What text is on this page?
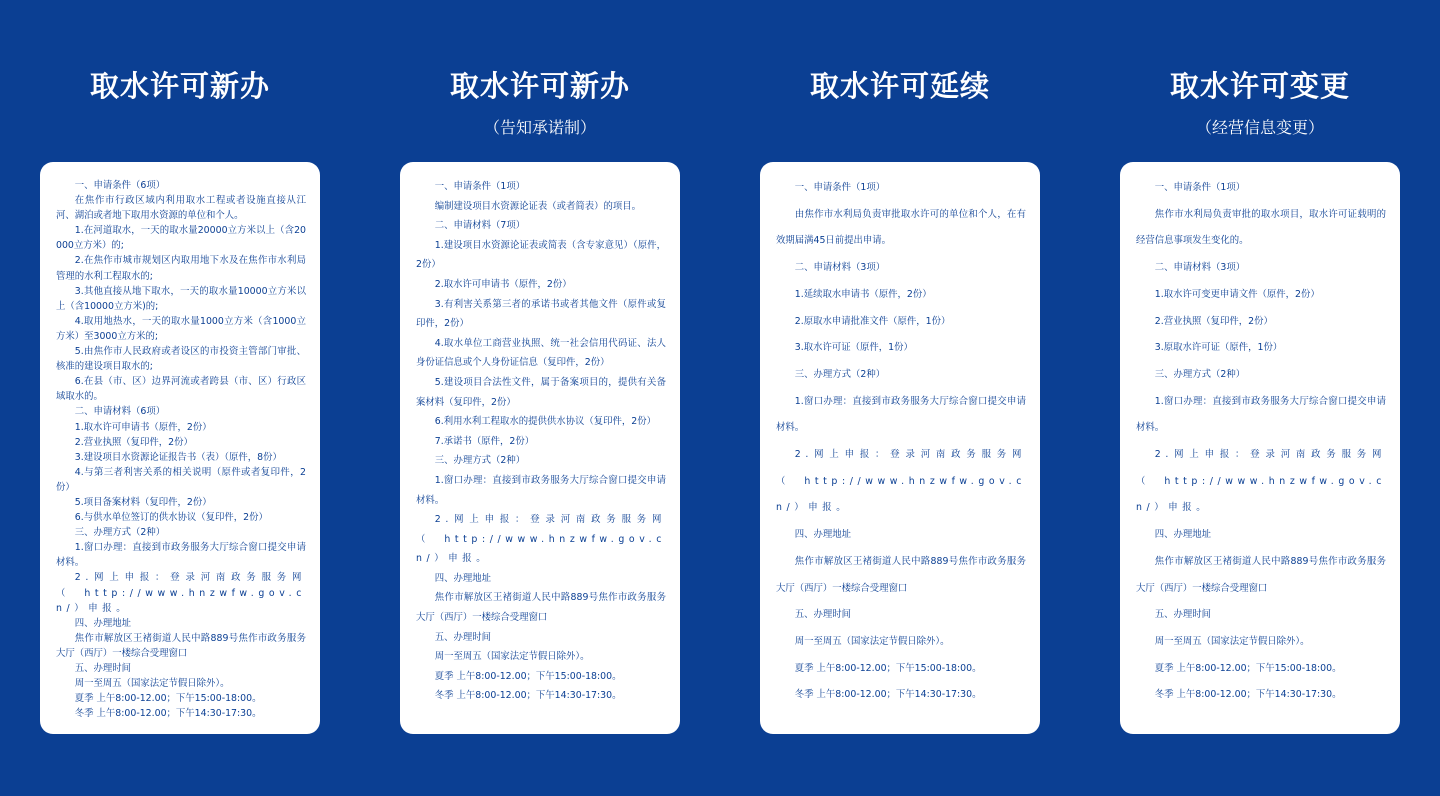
取水许可新办

一、申请条件（6项）

在焦作市行政区域内利用取水工程或者设施直接从江河、湖泊或者地下取用水资源的单位和个人。

1.在河道取水，一天的取水量20000立方米以上（含20000立方米）的;

2.在焦作市城市规划区内取用地下水及在焦作市水利局管理的水利工程取水的;

3.其他直接从地下取水，一天的取水量10000立方米以上（含10000立方米)的;

4.取用地热水，一天的取水量1000立方米（含1000立方米）至3000立方米的;

5.由焦作市人民政府或者设区的市投资主管部门审批、核准的建设项目取水的;

6.在县（市、区）边界河流或者跨县（市、区）行政区域取水的。

二、申请材料（6项）

1.取水许可申请书（原件，2份）

2.营业执照（复印件，2份）

3.建设项目水资源论证报告书（表）（原件，8份）

4.与第三者利害关系的相关说明（原件或者复印件，2份）

5.项目备案材料（复印件，2份）

6.与供水单位签订的供水协议（复印件，2份）

三、办理方式（2种）

1.窗口办理：直接到市政务服务大厅综合窗口提交申请材料。

2.网上申报：登录河南政务服务网（http://www.hnzwfw.gov.cn/）申报。

四、办理地址

焦作市解放区王褚街道人民中路889号焦作市政务服务大厅（西厅）一楼综合受理窗口

五、办理时间

周一至周五（国家法定节假日除外）。

夏季 上午8:00-12.00；下午15:00-18:00。

冬季 上午8:00-12.00；下午14:30-17:30。

取水许可新办
（告知承诺制）

一、申请条件（1项）

编制建设项目水资源论证表（或者简表）的项目。

二、申请材料（7项）

1.建设项目水资源论证表或简表（含专家意见）（原件，2份）

2.取水许可申请书（原件，2份）

3.有利害关系第三者的承诺书或者其他文件（原件或复印件，2份）

4.取水单位工商营业执照、统一社会信用代码证、法人身份证信息或个人身份证信息（复印件，2份）

5.建设项目合法性文件，属于备案项目的，提供有关备案材料（复印件，2份）

6.利用水利工程取水的提供供水协议（复印件，2份）

7.承诺书（原件，2份）

三、办理方式（2种）

1.窗口办理：直接到市政务服务大厅综合窗口提交申请材料。

2.网上申报：登录河南政务服务网（http://www.hnzwfw.gov.cn/）申报。

四、办理地址

焦作市解放区王褚街道人民中路889号焦作市政务服务大厅（西厅）一楼综合受理窗口

五、办理时间

周一至周五（国家法定节假日除外）。

夏季 上午8:00-12.00；下午15:00-18:00。

冬季 上午8:00-12.00；下午14:30-17:30。

取水许可延续

一、申请条件（1项）

由焦作市水利局负责审批取水许可的单位和个人，在有效期届满45日前提出申请。

二、申请材料（3项）

1.延续取水申请书（原件，2份）

2.原取水申请批准文件（原件，1份）

3.取水许可证（原件，1份）

三、办理方式（2种）

1.窗口办理：直接到市政务服务大厅综合窗口提交申请材料。

2.网上申报：登录河南政务服务网（http://www.hnzwfw.gov.cn/）申报。

四、办理地址

焦作市解放区王褚街道人民中路889号焦作市政务服务大厅（西厅）一楼综合受理窗口

五、办理时间

周一至周五（国家法定节假日除外）。

夏季 上午8:00-12.00；下午15:00-18:00。

冬季 上午8:00-12.00；下午14:30-17:30。

取水许可变更
（经营信息变更）

一、申请条件（1项）

焦作市水利局负责审批的取水项目，取水许可证载明的经营信息事项发生变化的。

二、申请材料（3项）

1.取水许可变更申请文件（原件，2份）

2.营业执照（复印件，2份）

3.原取水许可证（原件，1份）

三、办理方式（2种）

1.窗口办理：直接到市政务服务大厅综合窗口提交申请材料。

2.网上申报：登录河南政务服务网（http://www.hnzwfw.gov.cn/）申报。

四、办理地址

焦作市解放区王褚街道人民中路889号焦作市政务服务大厅（西厅）一楼综合受理窗口

五、办理时间

周一至周五（国家法定节假日除外）。

夏季 上午8:00-12.00；下午15:00-18:00。

冬季 上午8:00-12.00；下午14:30-17:30。
